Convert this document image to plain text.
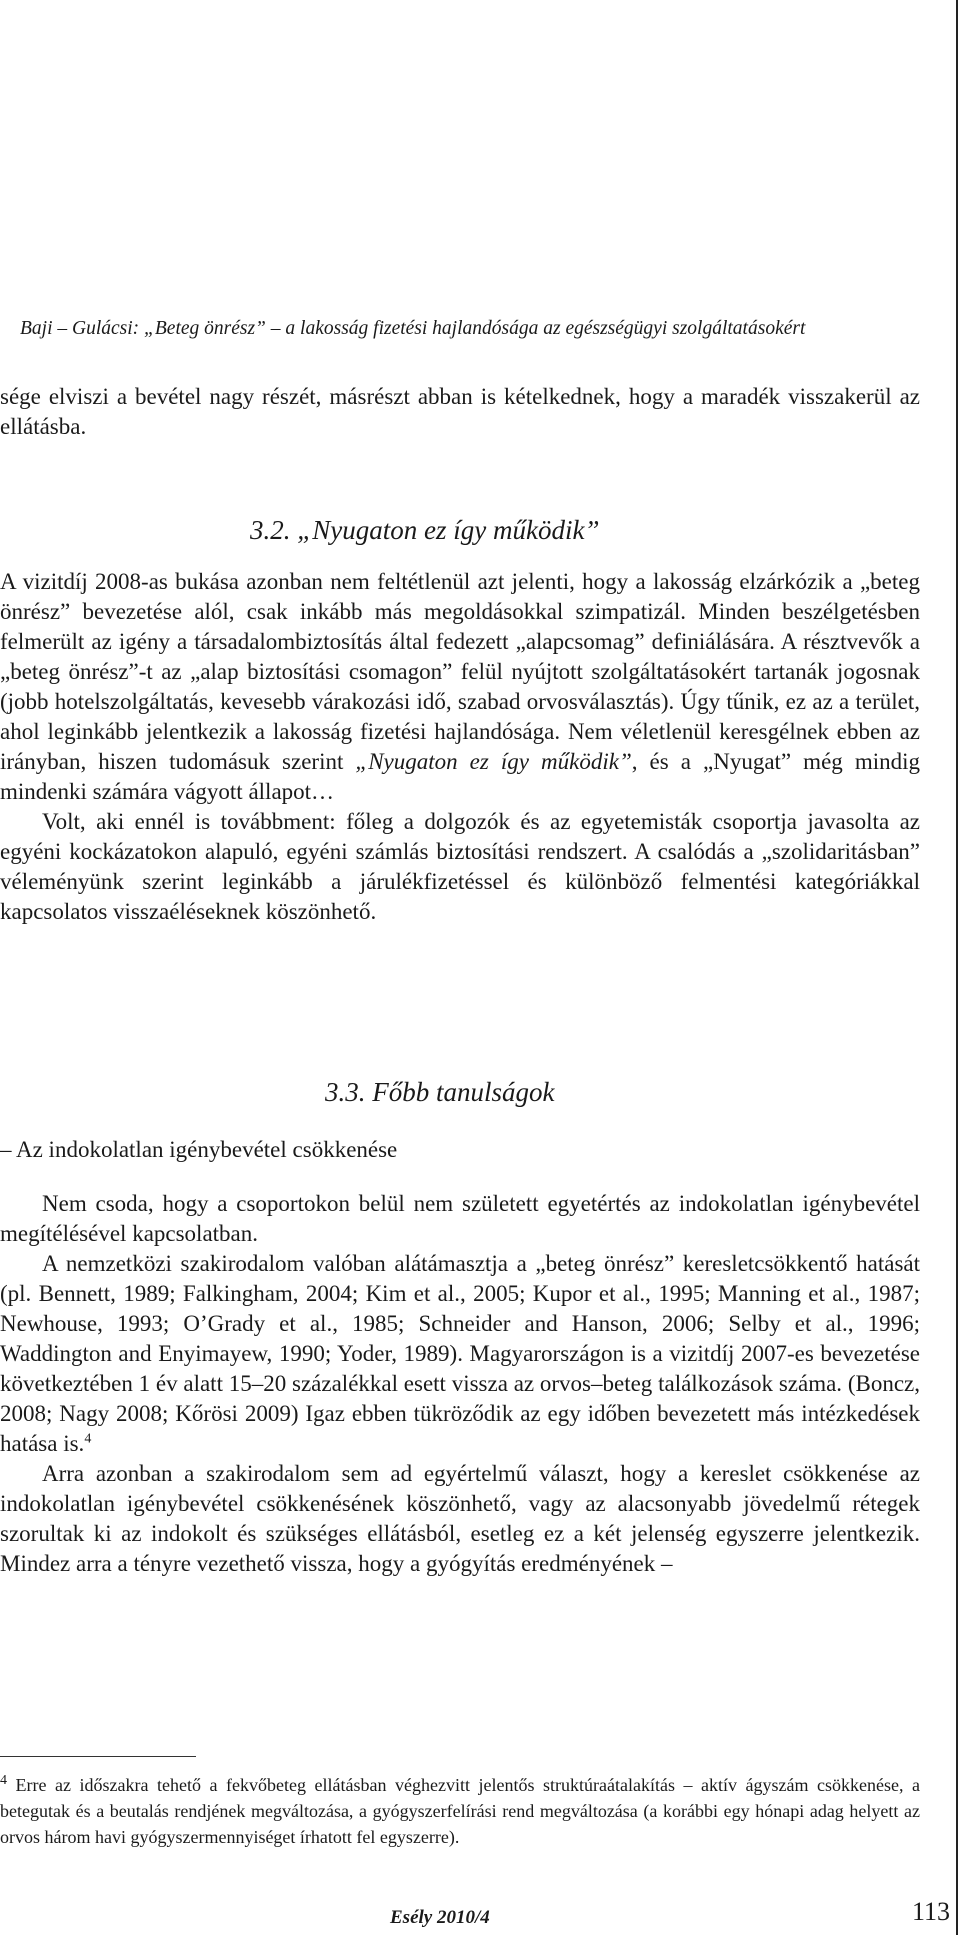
Baji – Gulácsi: „Beteg önrész” – a lakosság fizetési hajlandósága az egészségügyi szolgáltatásokért

sége elviszi a bevétel nagy részét, másrészt abban is kételkednek, hogy a maradék visszakerül az ellátásba.

3.2. „Nyugaton ez így működik”

A vizitdíj 2008-as bukása azonban nem feltétlenül azt jelenti, hogy a lakosság elzárkózik a „beteg önrész” bevezetése alól, csak inkább más megoldásokkal szimpatizál. Minden beszélgetésben felmerült az igény a társadalombiztosítás által fedezett „alapcsomag” definiálására. A résztvevők a „beteg önrész”-t az „alap biztosítási csomagon” felül nyújtott szolgáltatásokért tartanák jogosnak (jobb hotelszolgáltatás, kevesebb várakozási idő, szabad orvosválasztás). Úgy tűnik, ez az a terület, ahol leginkább jelentkezik a lakosság fizetési hajlandósága. Nem véletlenül keresgélnek ebben az irányban, hiszen tudomásuk szerint „Nyugaton ez így működik”, és a „Nyugat” még mindig mindenki számára vágyott állapot…

Volt, aki ennél is továbbment: főleg a dolgozók és az egyetemisták csoportja javasolta az egyéni kockázatokon alapuló, egyéni számlás biztosítási rendszert. A csalódás a „szolidaritásban” véleményünk szerint leginkább a járulékfizetéssel és különböző felmentési kategóriákkal kapcsolatos visszaéléseknek köszönhető.

3.3. Főbb tanulságok
– Az indokolatlan igénybevétel csökkenése

Nem csoda, hogy a csoportokon belül nem született egyetértés az indokolatlan igénybevétel megítélésével kapcsolatban.

A nemzetközi szakirodalom valóban alátámasztja a „beteg önrész” keresletcsökkentő hatását (pl. Bennett, 1989; Falkingham, 2004; Kim et al., 2005; Kupor et al., 1995; Manning et al., 1987; Newhouse, 1993; O’Grady et al., 1985; Schneider and Hanson, 2006; Selby et al., 1996; Waddington and Enyimayew, 1990; Yoder, 1989). Magyarországon is a vizitdíj 2007-es bevezetése következtében 1 év alatt 15–20 százalékkal esett vissza az orvos–beteg találkozások száma. (Boncz, 2008; Nagy 2008; Kőrösi 2009) Igaz ebben tükröződik az egy időben bevezetett más intézkedések hatása is.$^4$

Arra azonban a szakirodalom sem ad egyértelmű választ, hogy a kereslet csökkenése az indokolatlan igénybevétel csökkenésének köszönhető, vagy az alacsonyabb jövedelmű rétegek szorultak ki az indokolt és szükséges ellátásból, esetleg ez a két jelenség egyszerre jelentkezik. Mindez arra a tényre vezethető vissza, hogy a gyógyítás eredményének –

$^4$ Erre az időszakra tehető a fekvőbeteg ellátásban véghezvitt jelentős struktúraátalakítás – aktív ágyszám csökkenése, a betegutak és a beutalás rendjének megváltozása, a gyógyszerfelírási rend megváltozása (a korábbi egy hónapi adag helyett az orvos három havi gyógyszermennyiséget írhatott fel egyszerre).
Esély 2010/4	113
